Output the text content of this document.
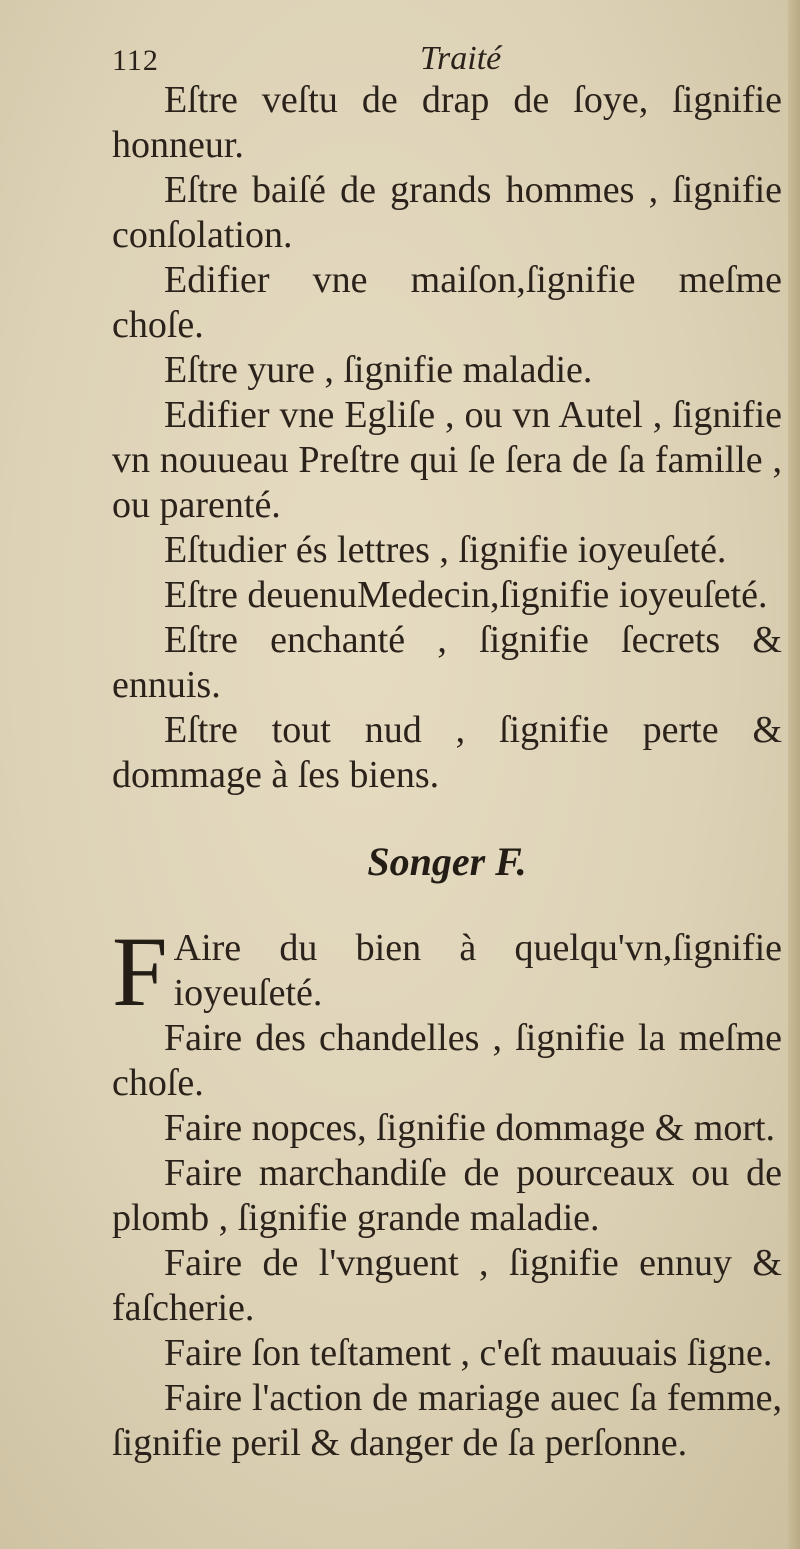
112	Traité

Eſtre veſtu de drap de ſoye, ſignifie honneur.

Eſtre baiſé de grands hommes , ſignifie conſolation.

Edifier vne maiſon,ſignifie meſme choſe.

Eſtre yure , ſignifie maladie.

Edifier vne Egliſe , ou vn Autel , ſignifie vn nouueau Preſtre qui ſe ſera de ſa famille , ou parenté.

Eſtudier és lettres , ſignifie ioyeuſeté.

Eſtre deuenuMedecin,ſignifie ioyeuſeté.

Eſtre enchanté , ſignifie ſecrets & ennuis.

Eſtre tout nud , ſignifie perte & dommage à ſes biens.

Songer F.

F Aire du bien à quelqu'vn,ſignifie ioyeuſeté.

Faire des chandelles , ſignifie la meſme choſe.

Faire nopces, ſignifie dommage & mort.

Faire marchandiſe de pourceaux ou de plomb , ſignifie grande maladie.

Faire de l'vnguent , ſignifie ennuy & faſcherie.

Faire ſon teſtament , c'eſt mauuais ſigne.

Faire l'action de mariage auec ſa femme, ſignifie peril & danger de ſa perſonne.
